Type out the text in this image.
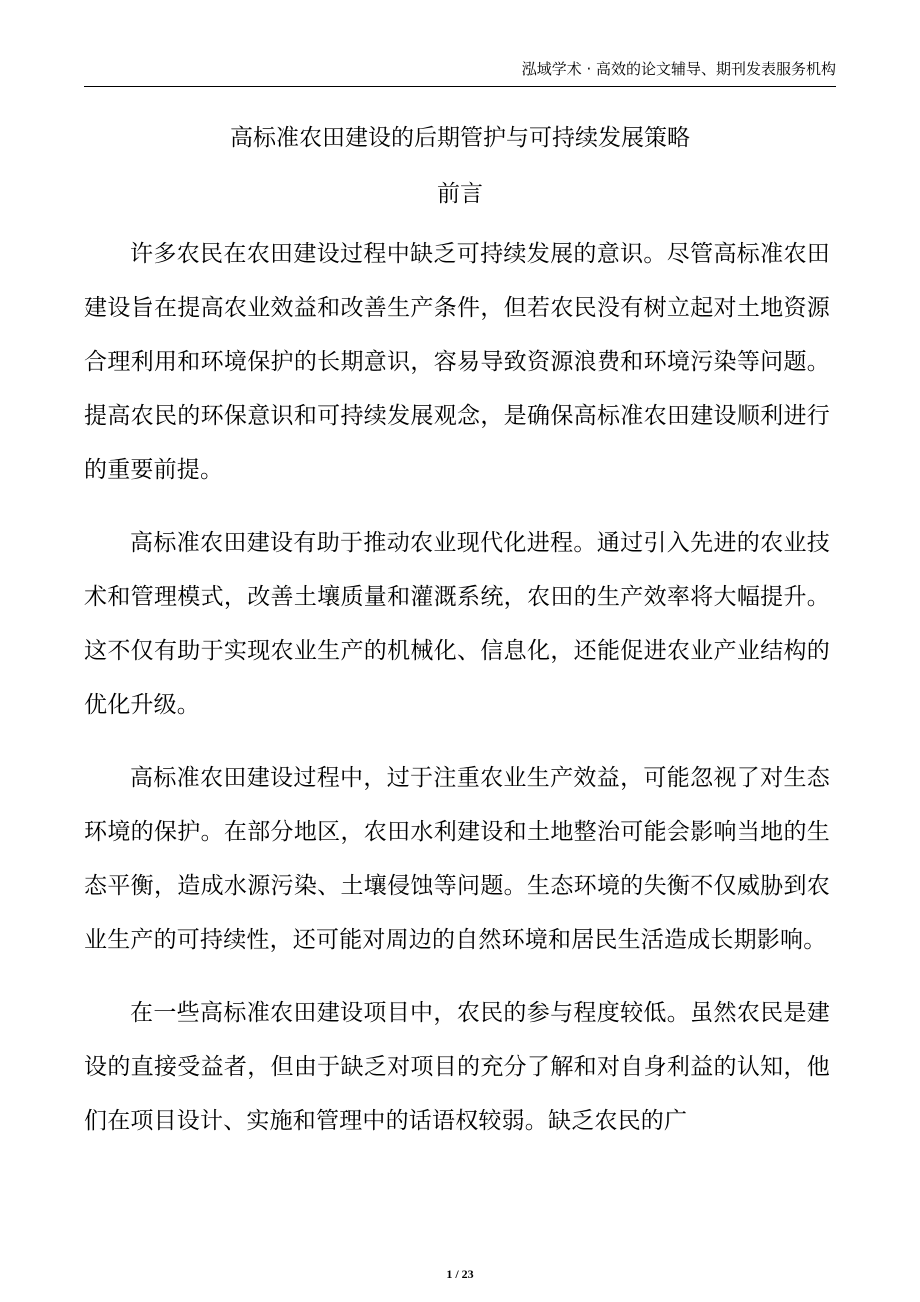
泓域学术 · 高效的论文辅导、期刊发表服务机构
高标准农田建设的后期管护与可持续发展策略
前言

许多农民在农田建设过程中缺乏可持续发展的意识。尽管高标准农田建设旨在提高农业效益和改善生产条件，但若农民没有树立起对土地资源合理利用和环境保护的长期意识，容易导致资源浪费和环境污染等问题。提高农民的环保意识和可持续发展观念，是确保高标准农田建设顺利进行的重要前提。

高标准农田建设有助于推动农业现代化进程。通过引入先进的农业技术和管理模式，改善土壤质量和灌溉系统，农田的生产效率将大幅提升。这不仅有助于实现农业生产的机械化、信息化，还能促进农业产业结构的优化升级。

高标准农田建设过程中，过于注重农业生产效益，可能忽视了对生态环境的保护。在部分地区，农田水利建设和土地整治可能会影响当地的生态平衡，造成水源污染、土壤侵蚀等问题。生态环境的失衡不仅威胁到农业生产的可持续性，还可能对周边的自然环境和居民生活造成长期影响。

在一些高标准农田建设项目中，农民的参与程度较低。虽然农民是建设的直接受益者，但由于缺乏对项目的充分了解和对自身利益的认知，他们在项目设计、实施和管理中的话语权较弱。缺乏农民的广

1 / 23
